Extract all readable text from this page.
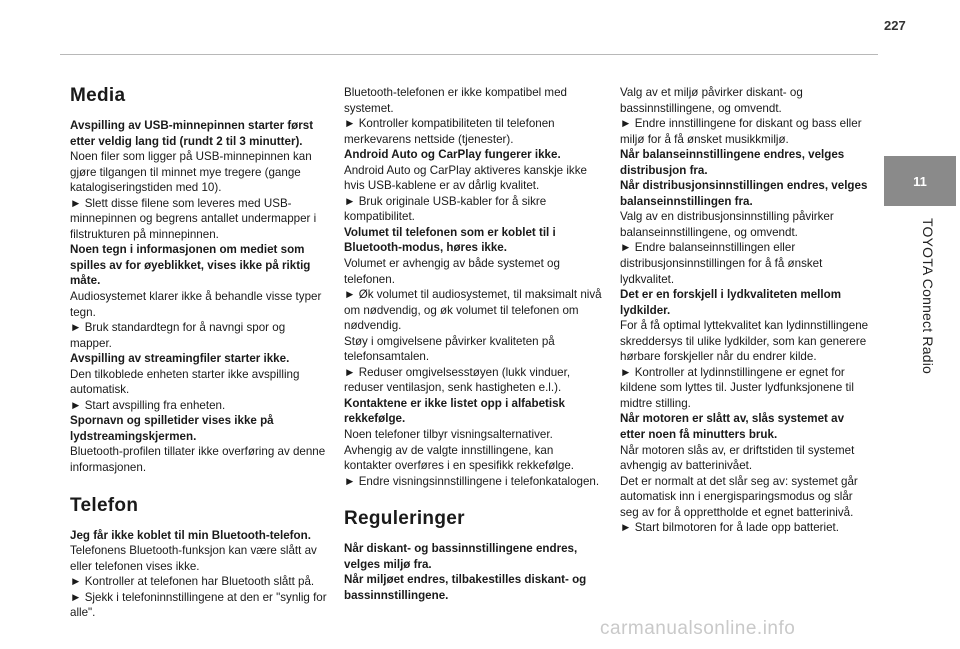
227
11
TOYOTA Connect Radio
Media

Avspilling av USB-minnepinnen starter først etter veldig lang tid (rundt 2 til 3 minutter).

Noen filer som ligger på USB-minnepinnen kan gjøre tilgangen til minnet mye tregere (gange katalogiseringstiden med 10).

► Slett disse filene som leveres med USB-minnepinnen og begrens antallet undermapper i filstrukturen på minnepinnen.

Noen tegn i informasjonen om mediet som spilles av for øyeblikket, vises ikke på riktig måte.

Audiosystemet klarer ikke å behandle visse typer tegn.

► Bruk standardtegn for å navngi spor og mapper.

Avspilling av streamingfiler starter ikke.

Den tilkoblede enheten starter ikke avspilling automatisk.

► Start avspilling fra enheten.

Spornavn og spilletider vises ikke på lydstreamingskjermen.

Bluetooth-profilen tillater ikke overføring av denne informasjonen.

Telefon

Jeg får ikke koblet til min Bluetooth-telefon.

Telefonens Bluetooth-funksjon kan være slått av eller telefonen vises ikke.

► Kontroller at telefonen har Bluetooth slått på.

► Sjekk i telefoninnstillingene at den er "synlig for alle".

Bluetooth-telefonen er ikke kompatibel med systemet.

► Kontroller kompatibiliteten til telefonen merkevarens nettside (tjenester).

Android Auto og CarPlay fungerer ikke.

Android Auto og CarPlay aktiveres kanskje ikke hvis USB-kablene er av dårlig kvalitet.

► Bruk originale USB-kabler for å sikre kompatibilitet.

Volumet til telefonen som er koblet til i Bluetooth-modus, høres ikke.

Volumet er avhengig av både systemet og telefonen.

► Øk volumet til audiosystemet, til maksimalt nivå om nødvendig, og øk volumet til telefonen om nødvendig.

Støy i omgivelsene påvirker kvaliteten på telefonsamtalen.

► Reduser omgivelsesstøyen (lukk vinduer, reduser ventilasjon, senk hastigheten e.l.).

Kontaktene er ikke listet opp i alfabetisk rekkefølge.

Noen telefoner tilbyr visningsalternativer. Avhengig av de valgte innstillingene, kan kontakter overføres i en spesifikk rekkefølge.

► Endre visningsinnstillingene i telefonkatalogen.

Reguleringer

Når diskant- og bassinnstillingene endres, velges miljø fra.

Når miljøet endres, tilbakestilles diskant- og bassinnstillingene.

Valg av et miljø påvirker diskant- og bassinnstillingene, og omvendt.

► Endre innstillingene for diskant og bass eller miljø for å få ønsket musikkmiljø.

Når balanseinnstillingene endres, velges distribusjon fra.

Når distribusjonsinnstillingen endres, velges balanseinnstillingen fra.

Valg av en distribusjonsinnstilling påvirker balanseinnstillingene, og omvendt.

► Endre balanseinnstillingen eller distribusjonsinnstillingen for å få ønsket lydkvalitet.

Det er en forskjell i lydkvaliteten mellom lydkilder.

For å få optimal lyttekvalitet kan lydinnstillingene skreddersys til ulike lydkilder, som kan generere hørbare forskjeller når du endrer kilde.

► Kontroller at lydinnstillingene er egnet for kildene som lyttes til. Juster lydfunksjonene til midtre stilling.

Når motoren er slått av, slås systemet av etter noen få minutters bruk.

Når motoren slås av, er driftstiden til systemet avhengig av batterinivået.

Det er normalt at det slår seg av: systemet går automatisk inn i energisparingsmodus og slår seg av for å opprettholde et egnet batterinivå.

► Start bilmotoren for å lade opp batteriet.

carmanualsonline.info
